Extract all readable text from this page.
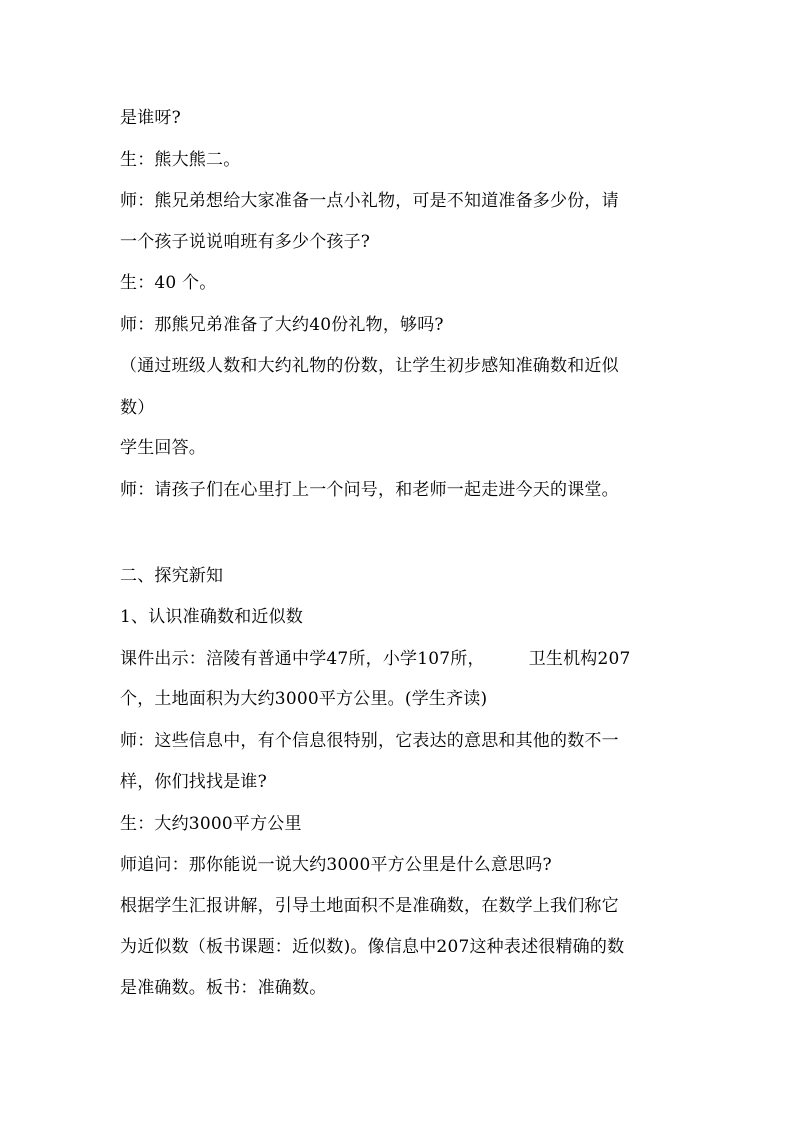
是谁呀?
生：熊大熊二。
师：熊兄弟想给大家准备一点小礼物，可是不知道准备多少份，请
一个孩子说说咱班有多少个孩子?
生：40 个。
师：那熊兄弟准备了大约40份礼物，够吗?
（通过班级人数和大约礼物的份数，让学生初步感知准确数和近似
数）
学生回答。
师：请孩子们在心里打上一个问号，和老师一起走进今天的课堂。
二、探究新知
1、认识准确数和近似数
课件出示：涪陵有普通中学47所，小学107所，	卫生机构207
个，土地面积为大约3000平方公里。(学生齐读)
师：这些信息中，有个信息很特别，它表达的意思和其他的数不一
样，你们找找是谁?
生：大约3000平方公里
师追问：那你能说一说大约3000平方公里是什么意思吗?
根据学生汇报讲解，引导土地面积不是准确数，在数学上我们称它
为近似数（板书课题：近似数)。像信息中207这种表述很精确的数
是准确数。板书：准确数。
